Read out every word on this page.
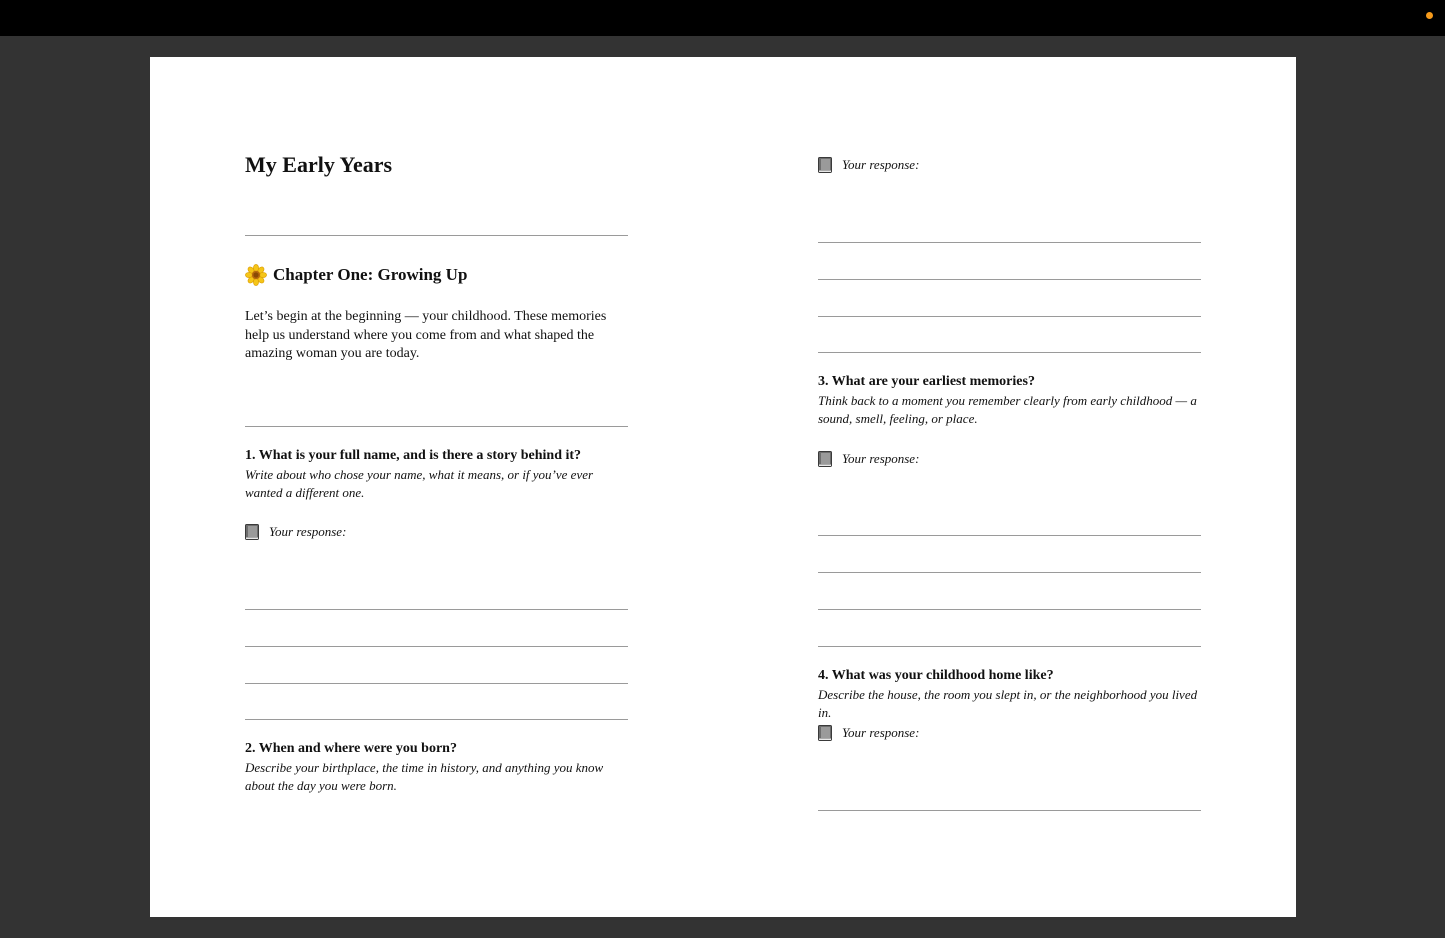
My Early Years
Chapter One: Growing Up

Let’s begin at the beginning — your childhood. These memories help us understand where you come from and what shaped the amazing woman you are today.

1. What is your full name, and is there a story behind it?
Write about who chose your name, what it means, or if you’ve ever wanted a different one.
Your response:
2. When and where were you born?
Describe your birthplace, the time in history, and anything you know about the day you were born.
Your response:
3. What are your earliest memories?
Think back to a moment you remember clearly from early childhood — a sound, smell, feeling, or place.
Your response:
4. What was your childhood home like?
Describe the house, the room you slept in, or the neighborhood you lived in.
Your response:
